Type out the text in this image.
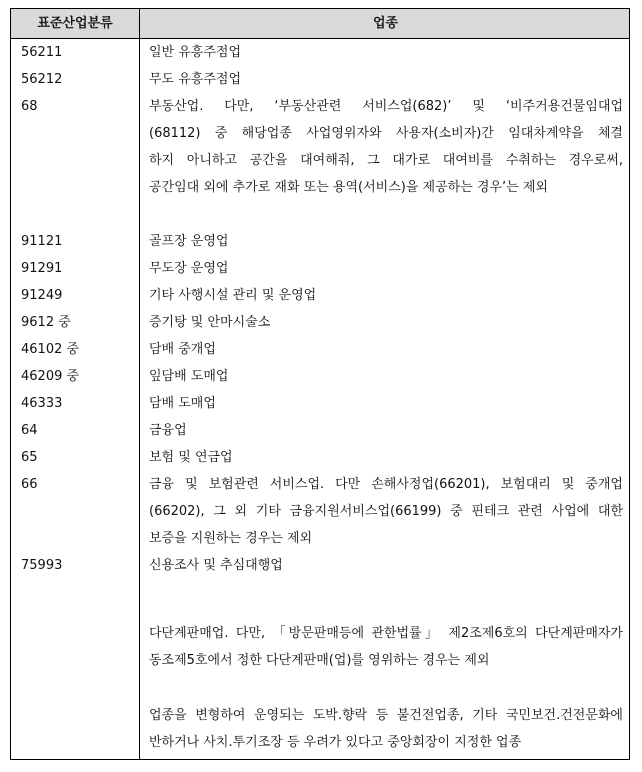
표준산업분류	업종
56211	일반 유흥주점업
56212	무도 유흥주점업
68	부동산업. 다만, ‘부동산관련 서비스업(682)’ 및 ‘비주거용건물임대업
(68112) 중 해당업종 사업영위자와 사용자(소비자)간 임대차계약을 체결
하지 아니하고 공간을 대여해줘, 그 대가로 대여비를 수취하는 경우로써,
공간임대 외에 추가로 재화 또는 용역(서비스)을 제공하는 경우’는 제외
91121	골프장 운영업
91291	무도장 운영업
91249	기타 사행시설 관리 및 운영업
9612 중	증기탕 및 안마시술소
46102 중	담배 중개업
46209 중	잎담배 도매업
46333	담배 도매업
64	금융업
65	보험 및 연금업
66	금융 및 보험관련 서비스업. 다만 손해사정업(66201), 보험대리 및 중개업
(66202), 그 외 기타 금융지원서비스업(66199) 중 핀테크 관련 사업에 대한
보증을 지원하는 경우는 제외
75993	신용조사 및 추심대행업
다단계판매업. 다만, 「방문판매등에 관한법률」 제2조제6호의 다단계판매자가
동조제5호에서 정한 다단계판매(업)를 영위하는 경우는 제외
업종을 변형하여 운영되는 도박.향락 등 불건전업종, 기타 국민보건.건전문화에
반하거나 사치.투기조장 등 우려가 있다고 중앙회장이 지정한 업종
